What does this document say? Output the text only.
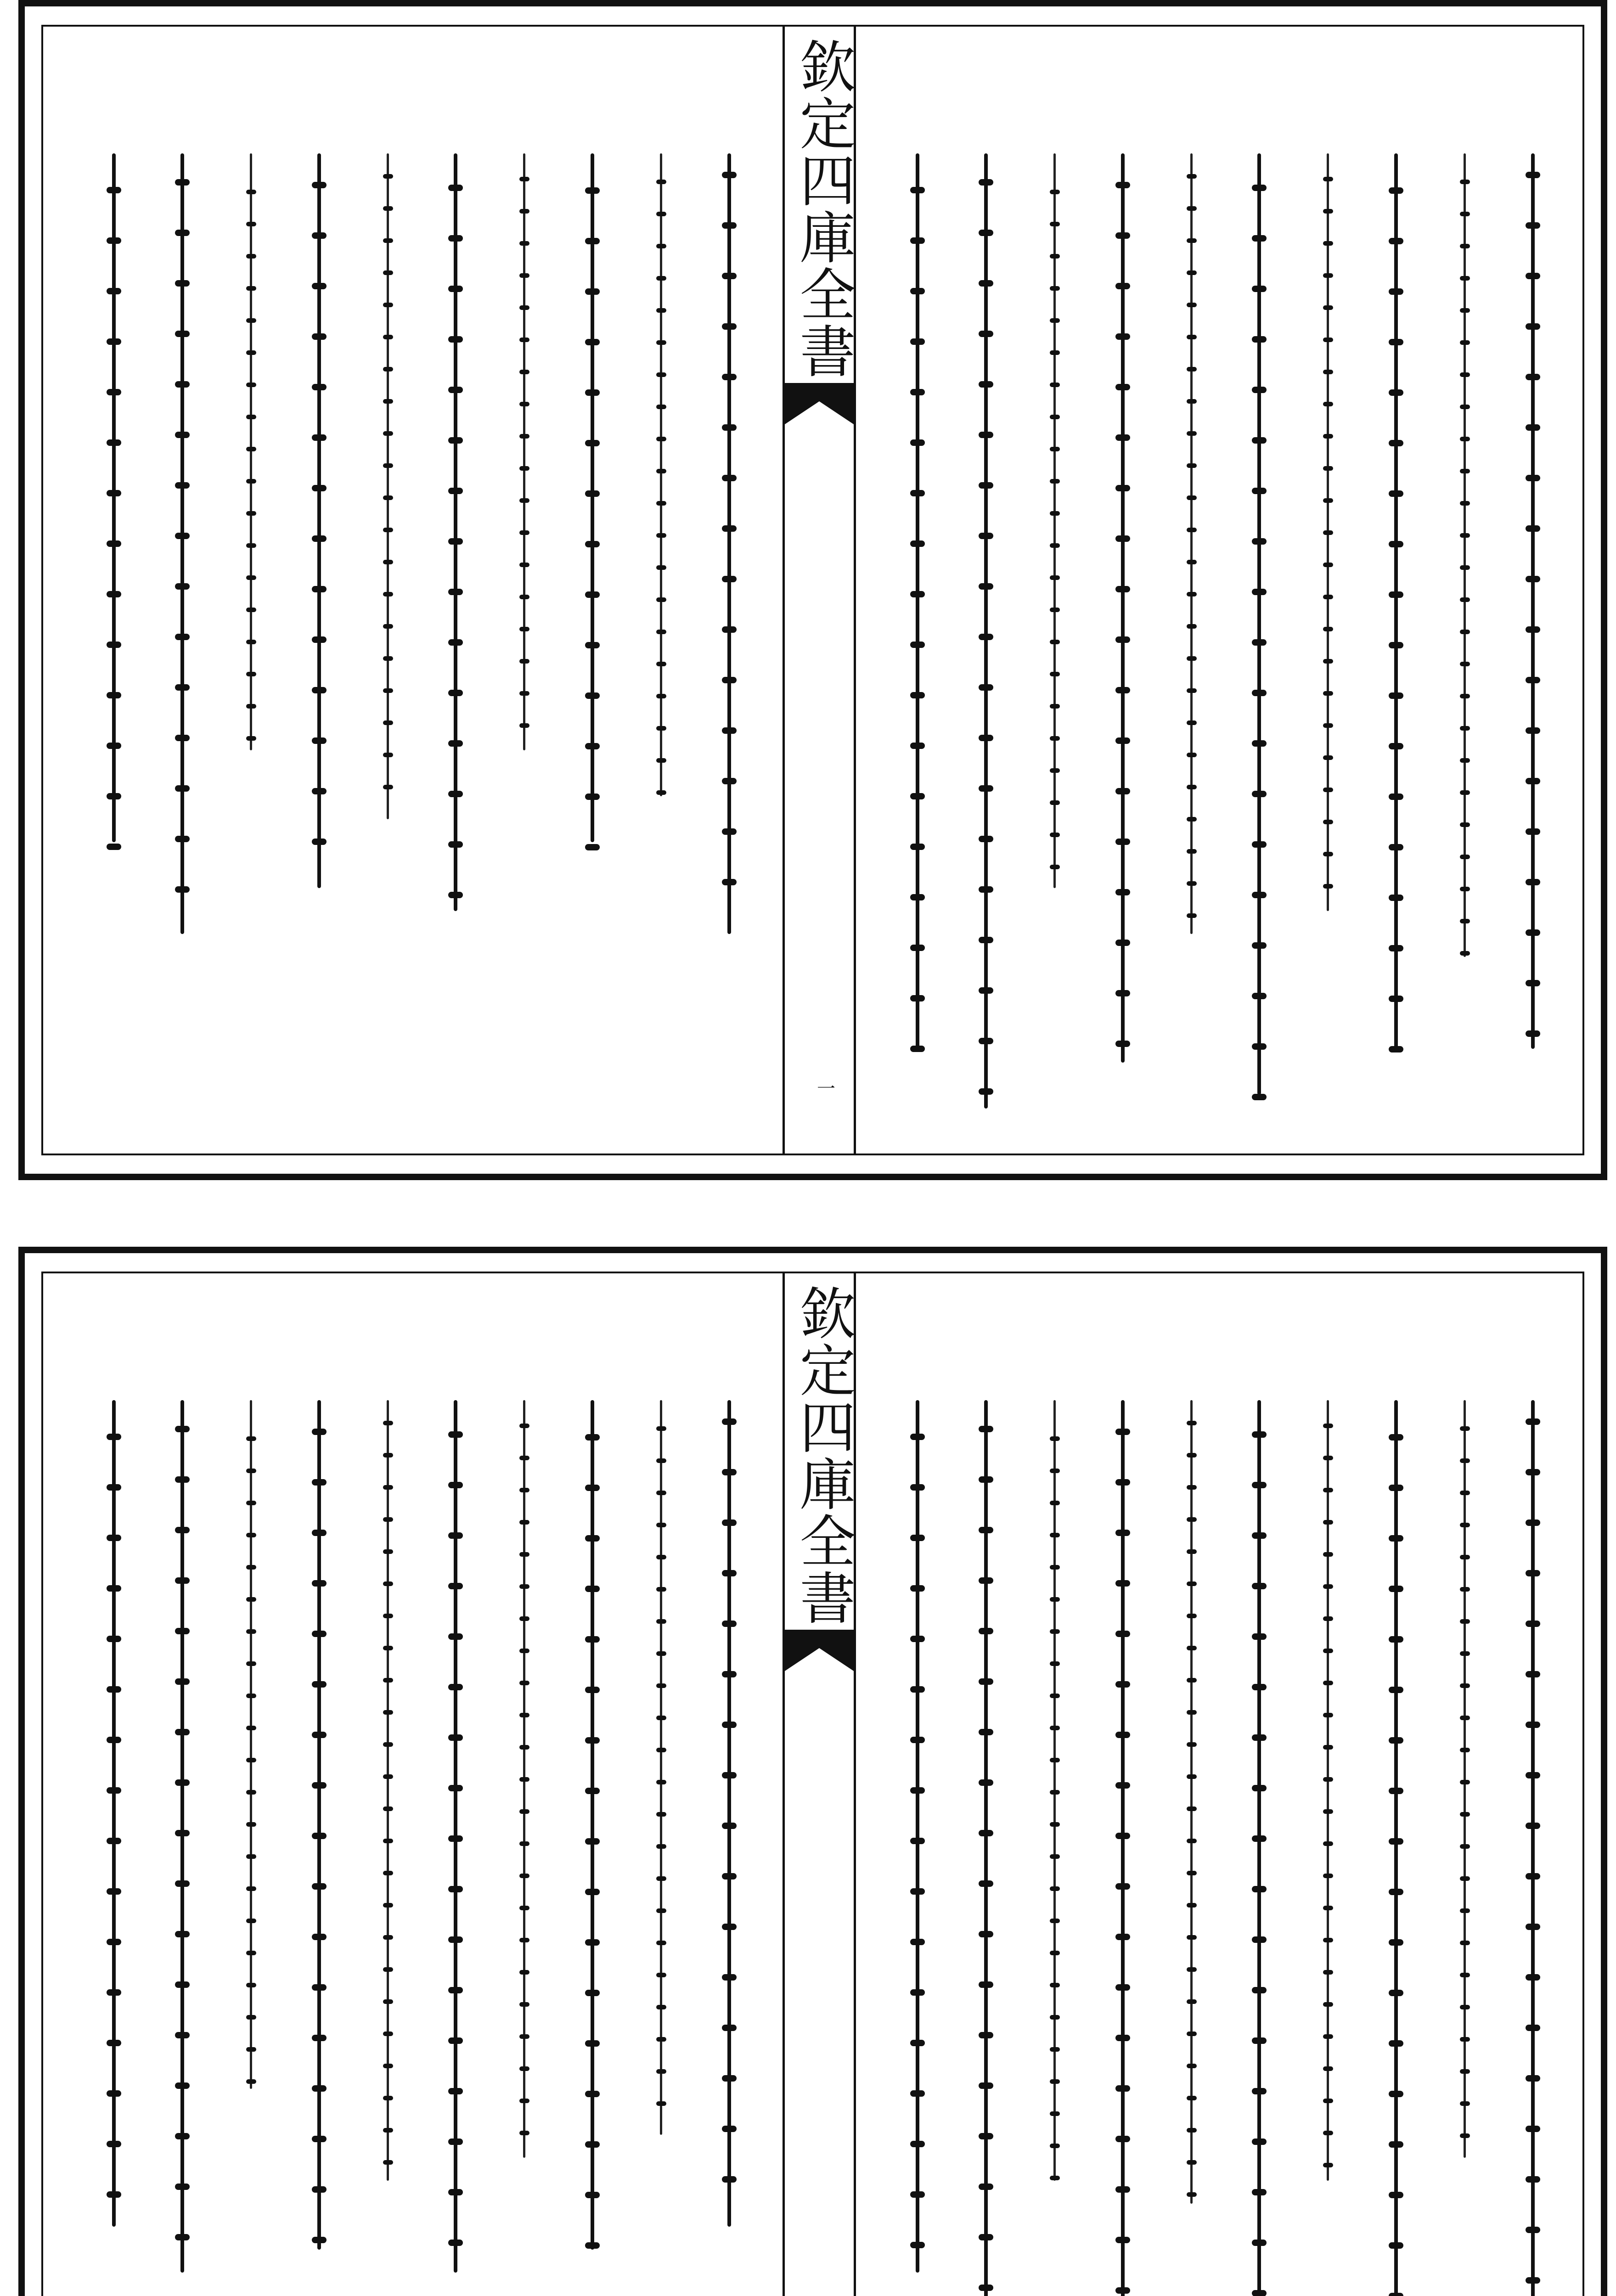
欽定四庫全書
一
欽定四庫全書
